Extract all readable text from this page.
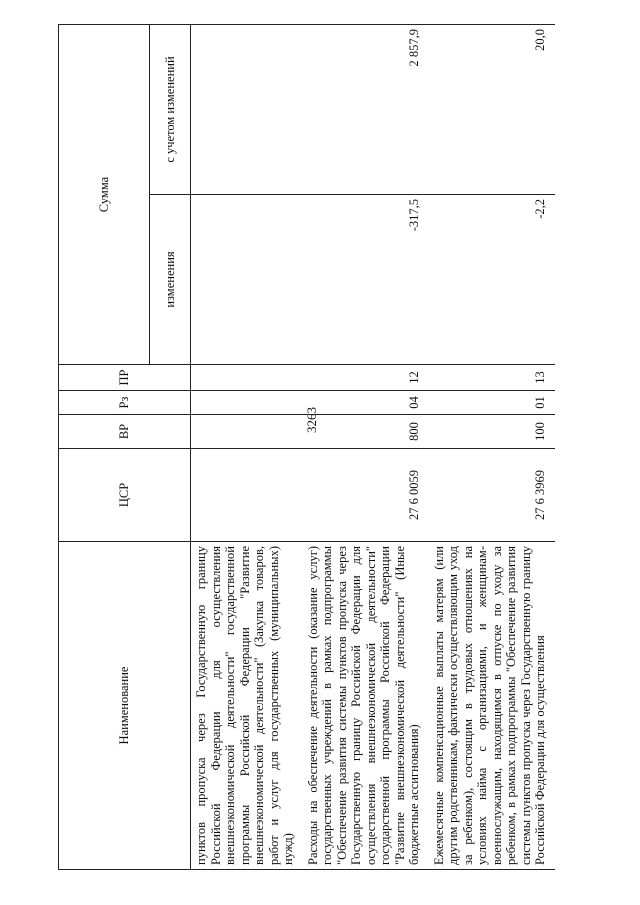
3263
Наименование	ЦСР	ВР	Рз	ПР	Сумма	
					изменения	с учетом изменений
пунктов пропуска через Государственную границу Российской Федерации для осуществления внешнеэкономической деятельности" государственной программы Российской Федерации "Развитие внешнеэкономической деятельности" (Закупка товаров, работ и услуг для государственных (муниципальных) нужд)						
Расходы на обеспечение деятельности (оказание услуг) государственных учреждений в рамках подпрограммы "Обеспечение развития системы пунктов пропуска через Государственную границу Российской Федерации для осуществления внешнеэкономической деятельности" государственной программы Российской Федерации "Развитие внешнеэкономической деятельности" (Иные бюджетные ассигнования)	27 6 0059	800	04	12	-317,5	2 857,9
Ежемесячные компенсационные выплаты матерям (или другим родственникам, фактически осуществляющим уход за ребенком), состоящим в трудовых отношениях на условиях найма с организациями, и женщинам-военнослужащим, находящимся в отпуске по уходу за ребенком, в рамках подпрограммы "Обеспечение развития системы пунктов пропуска через Государственную границу Российской Федерации для осуществления	27 6 3969	100	01	13	-2,2	20,0
